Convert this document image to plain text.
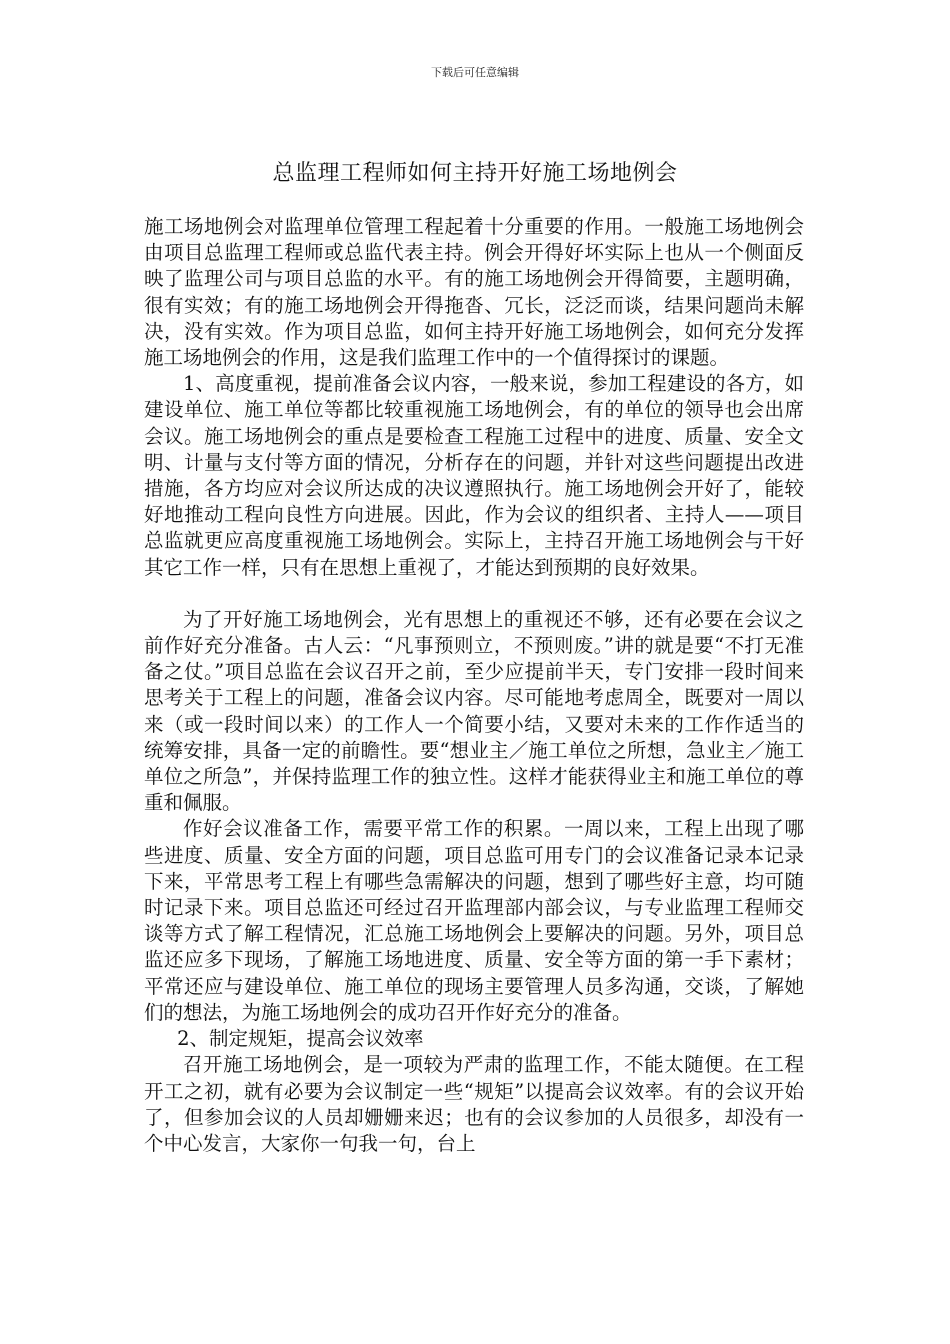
下载后可任意编辑
总监理工程师如何主持开好施工场地例会

施工场地例会对监理单位管理工程起着十分重要的作用。一般施工场地例会由项目总监理工程师或总监代表主持。例会开得好坏实际上也从一个侧面反映了监理公司与项目总监的水平。有的施工场地例会开得简要，主题明确，很有实效；有的施工场地例会开得拖沓、冗长，泛泛而谈，结果问题尚未解决，没有实效。作为项目总监，如何主持开好施工场地例会，如何充分发挥施工场地例会的作用，这是我们监理工作中的一个值得探讨的课题。

1、高度重视，提前准备会议内容，一般来说，参加工程建设的各方，如建设单位、施工单位等都比较重视施工场地例会，有的单位的领导也会出席会议。施工场地例会的重点是要检查工程施工过程中的进度、质量、安全文明、计量与支付等方面的情况，分析存在的问题，并针对这些问题提出改进措施，各方均应对会议所达成的决议遵照执行。施工场地例会开好了，能较好地推动工程向良性方向进展。因此，作为会议的组织者、主持人——项目总监就更应高度重视施工场地例会。实际上，主持召开施工场地例会与干好其它工作一样，只有在思想上重视了，才能达到预期的良好效果。

为了开好施工场地例会，光有思想上的重视还不够，还有必要在会议之前作好充分准备。古人云：“凡事预则立，不预则废。”讲的就是要“不打无准备之仗。”项目总监在会议召开之前，至少应提前半天，专门安排一段时间来思考关于工程上的问题，准备会议内容。尽可能地考虑周全，既要对一周以来（或一段时间以来）的工作人一个简要小结，又要对未来的工作作适当的统筹安排，具备一定的前瞻性。要“想业主／施工单位之所想，急业主／施工单位之所急”，并保持监理工作的独立性。这样才能获得业主和施工单位的尊重和佩服。

作好会议准备工作，需要平常工作的积累。一周以来，工程上出现了哪些进度、质量、安全方面的问题，项目总监可用专门的会议准备记录本记录下来，平常思考工程上有哪些急需解决的问题，想到了哪些好主意，均可随时记录下来。项目总监还可经过召开监理部内部会议，与专业监理工程师交谈等方式了解工程情况，汇总施工场地例会上要解决的问题。另外，项目总监还应多下现场，了解施工场地进度、质量、安全等方面的第一手下素材；平常还应与建设单位、施工单位的现场主要管理人员多沟通，交谈，了解她们的想法，为施工场地例会的成功召开作好充分的准备。

2、制定规矩，提高会议效率

召开施工场地例会，是一项较为严肃的监理工作，不能太随便。在工程开工之初，就有必要为会议制定一些“规矩”以提高会议效率。有的会议开始了，但参加会议的人员却姗姗来迟；也有的会议参加的人员很多，却没有一个中心发言，大家你一句我一句，台上
